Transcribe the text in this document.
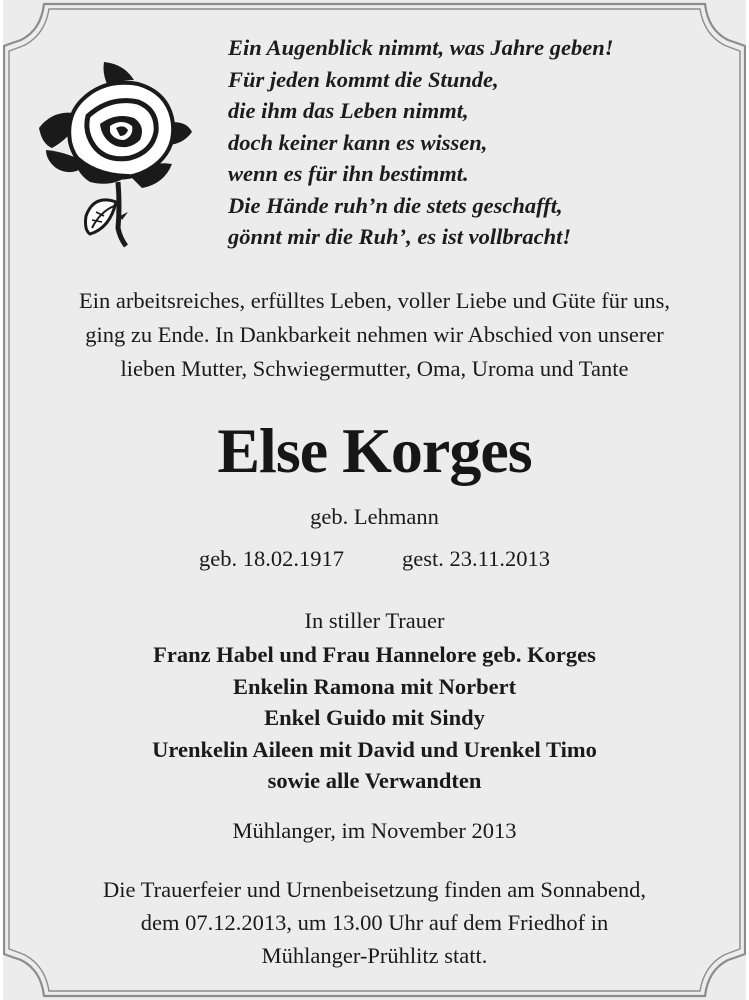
Ein Augenblick nimmt, was Jahre geben!
Für jeden kommt die Stunde,
die ihm das Leben nimmt,
doch keiner kann es wissen,
wenn es für ihn bestimmt.
Die Hände ruh’n die stets geschafft,
gönnt mir die Ruh’, es ist vollbracht!
Ein arbeitsreiches, erfülltes Leben, voller Liebe und Güte für uns,
ging zu Ende. In Dankbarkeit nehmen wir Abschied von unserer
lieben Mutter, Schwiegermutter, Oma, Uroma und Tante
Else Korges
geb. Lehmann
geb. 18.02.1917	gest. 23.11.2013
In stiller Trauer
Franz Habel und Frau Hannelore geb. Korges
Enkelin Ramona mit Norbert
Enkel Guido mit Sindy
Urenkelin Aileen mit David und Urenkel Timo
sowie alle Verwandten
Mühlanger, im November 2013
Die Trauerfeier und Urnenbeisetzung finden am Sonnabend,
dem 07.12.2013, um 13.00 Uhr auf dem Friedhof in
Mühlanger-Prühlitz statt.
